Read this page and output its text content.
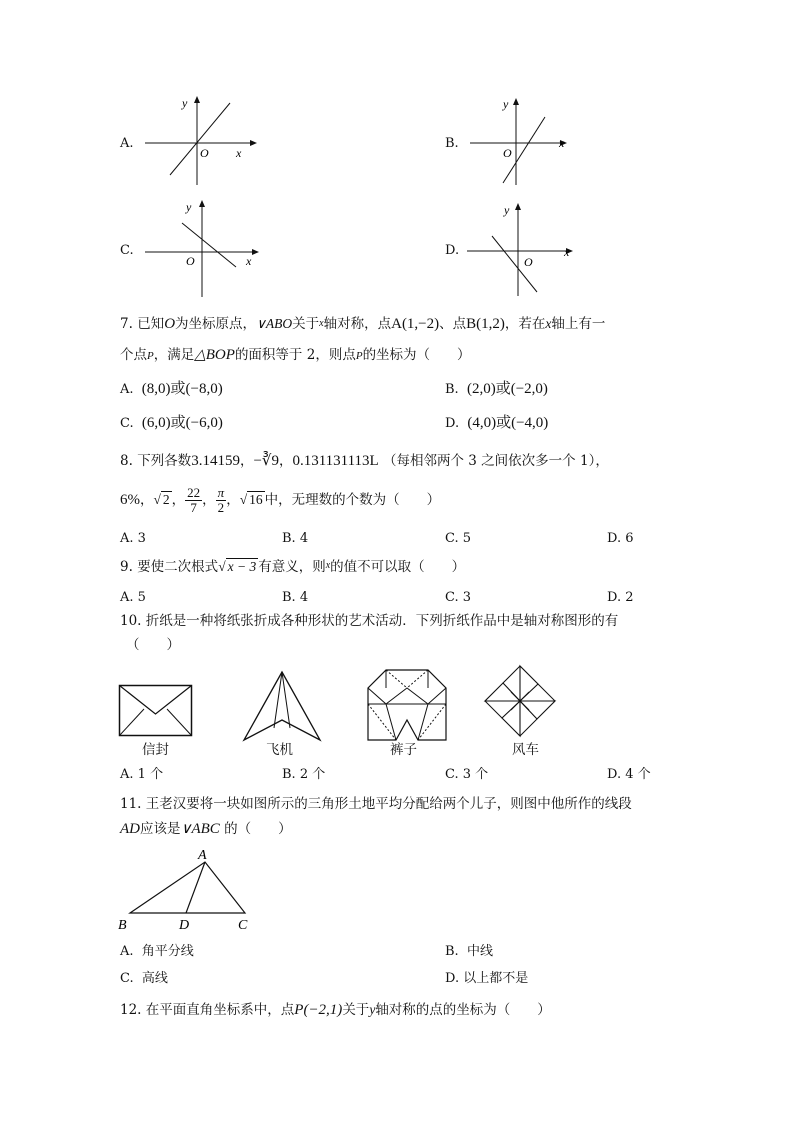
A.
y
O x
B.
y
O
x
C.
y
O	x
D.
y
O
x
7. 已知O为坐标原点，∨ABO关于$^x$轴对称，点A(1,−2)、点B(1,2)，若在x轴上有一
个点P，满足△BOP的面积等于 2，则点P的坐标为（　　）
A. (8,0)或(−8,0)	B. (2,0)或(−2,0)
C. (6,0)或(−6,0)	D. (4,0)或(−4,0)
8. 下列各数3.14159，−∛9，0.131131113L （每相邻两个 3 之间依次多一个 1），
6%，√ 2 ， $\frac{22}{7}$ ， $\frac{\pi}{2}$ ，√ 16 中，无理数的个数为（　　）
A. 3	B. 4	C. 5	D. 6
9. 要使二次根式√ x − 3 有意义，则$^x$的值不可以取（　　）
A. 5	B. 4	C. 3	D. 2
10. 折纸是一种将纸张折成各种形状的艺术活动．下列折纸作品中是轴对称图形的有
（　　）
信封	飞机	裤子	风车
A. 1 个	B. 2 个	C. 3 个	D. 4 个
11. 王老汉要将一块如图所示的三角形土地平均分配给两个儿子，则图中他所作的线段
AD应该是∨ABC 的（　　）
A
B	D	C
A. 角平分线	B. 中线
C. 高线	D. 以上都不是
12. 在平面直角坐标系中，点P(−2,1)关于y轴对称的点的坐标为（　　）
